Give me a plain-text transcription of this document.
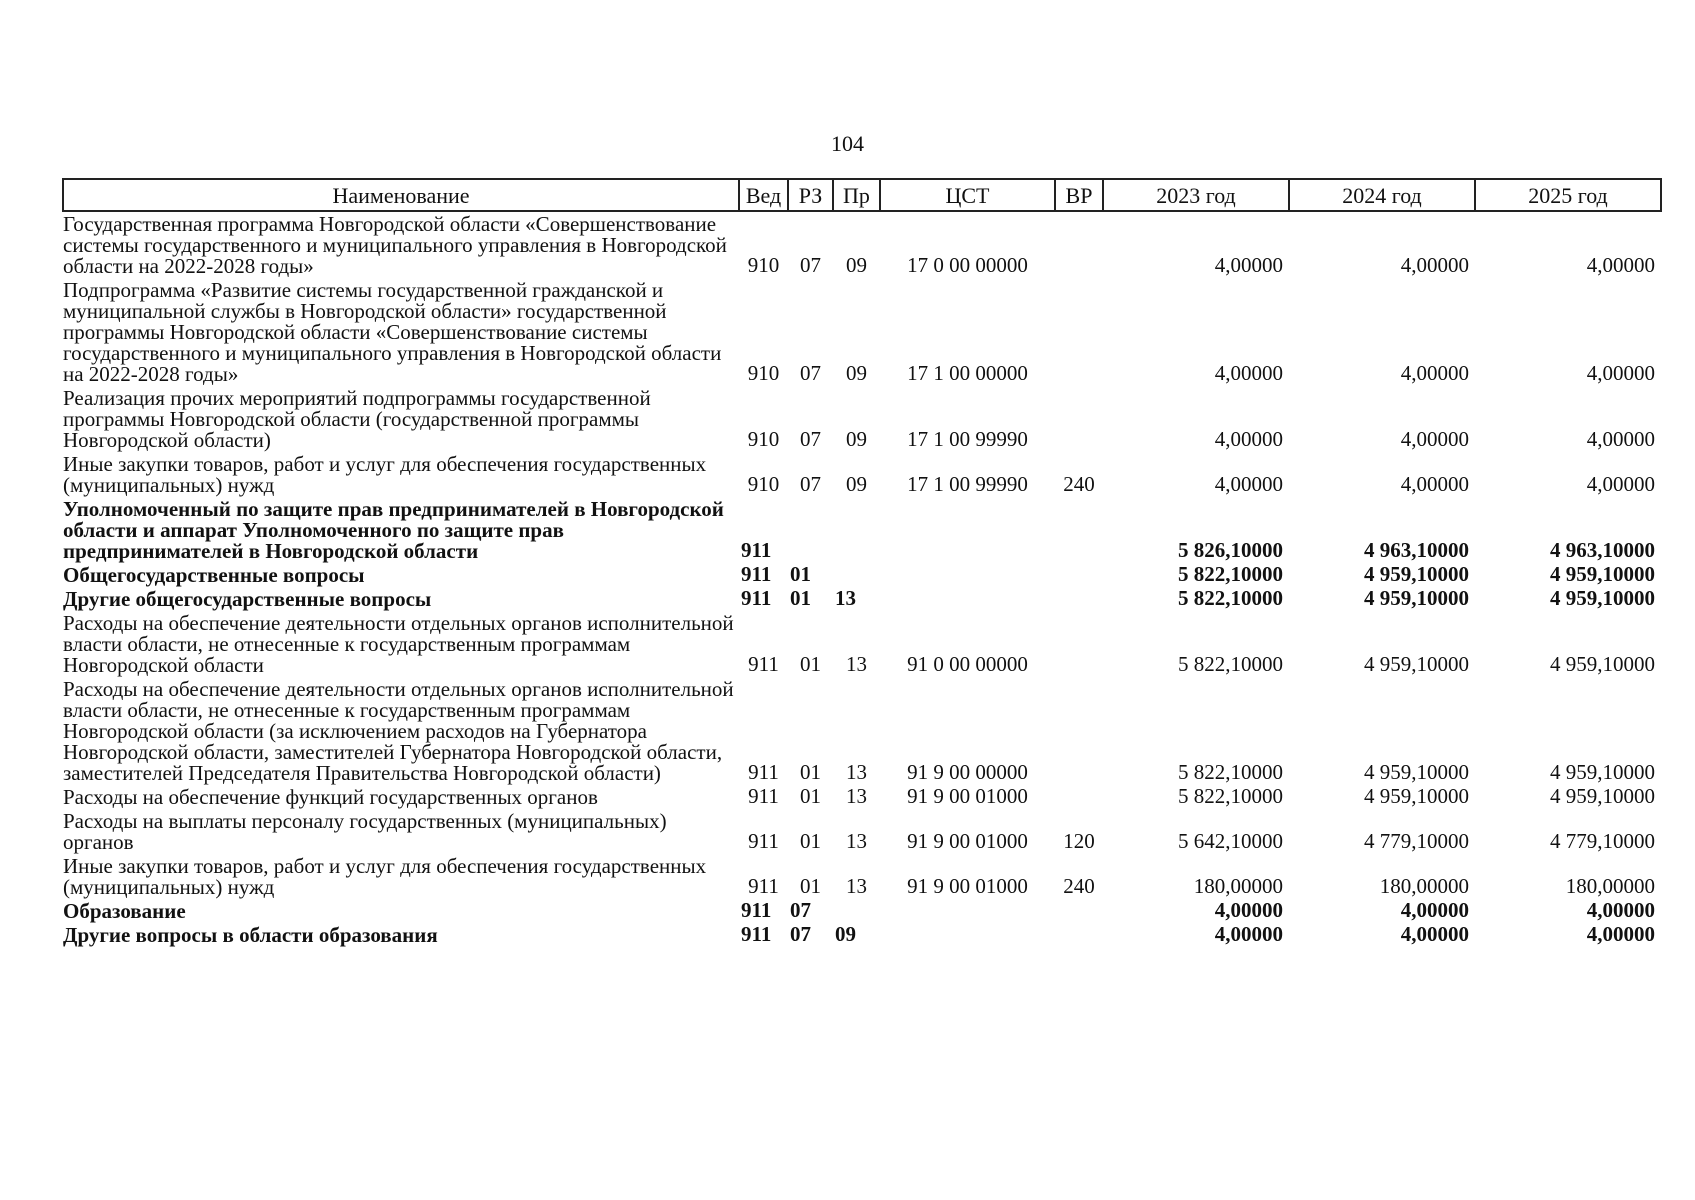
104
Наименование	Вед	РЗ	Пр	ЦСТ	ВР	2023 год	2024 год	2025 год
Государственная программа Новгородской области «Совершенствование системы государственного и муниципального управления в Новгородской области на 2022-2028 годы»	910	07	09	17 0 00 00000		4,00000	4,00000	4,00000
Подпрограмма «Развитие системы государственной гражданской и муниципальной службы в Новгородской области» государственной программы Новгородской области «Совершенствование системы государственного и муниципального управления в Новгородской области на 2022-2028 годы»	910	07	09	17 1 00 00000		4,00000	4,00000	4,00000
Реализация прочих мероприятий подпрограммы государственной программы Новгородской области (государственной программы Новгородской области)	910	07	09	17 1 00 99990		4,00000	4,00000	4,00000
Иные закупки товаров, работ и услуг для обеспечения государственных (муниципальных) нужд	910	07	09	17 1 00 99990	240	4,00000	4,00000	4,00000
Уполномоченный по защите прав предпринимателей в Новгородской области и аппарат Уполномоченного по защите прав предпринимателей в Новгородской области	911					5 826,10000	4 963,10000	4 963,10000
Общегосударственные вопросы	911	01				5 822,10000	4 959,10000	4 959,10000
Другие общегосударственные вопросы	911	01	13			5 822,10000	4 959,10000	4 959,10000
Расходы на обеспечение деятельности отдельных органов исполнительной власти области, не отнесенные к государственным программам Новгородской области	911	01	13	91 0 00 00000		5 822,10000	4 959,10000	4 959,10000
Расходы на обеспечение деятельности отдельных органов исполнительной власти области, не отнесенные к государственным программам Новгородской области (за исключением расходов на Губернатора Новгородской области, заместителей Губернатора Новгородской области, заместителей Председателя Правительства Новгородской области)	911	01	13	91 9 00 00000		5 822,10000	4 959,10000	4 959,10000
Расходы на обеспечение функций государственных органов	911	01	13	91 9 00 01000		5 822,10000	4 959,10000	4 959,10000
Расходы на выплаты персоналу государственных (муниципальных) органов	911	01	13	91 9 00 01000	120	5 642,10000	4 779,10000	4 779,10000
Иные закупки товаров, работ и услуг для обеспечения государственных (муниципальных) нужд	911	01	13	91 9 00 01000	240	180,00000	180,00000	180,00000
Образование	911	07				4,00000	4,00000	4,00000
Другие вопросы в области образования	911	07	09			4,00000	4,00000	4,00000
